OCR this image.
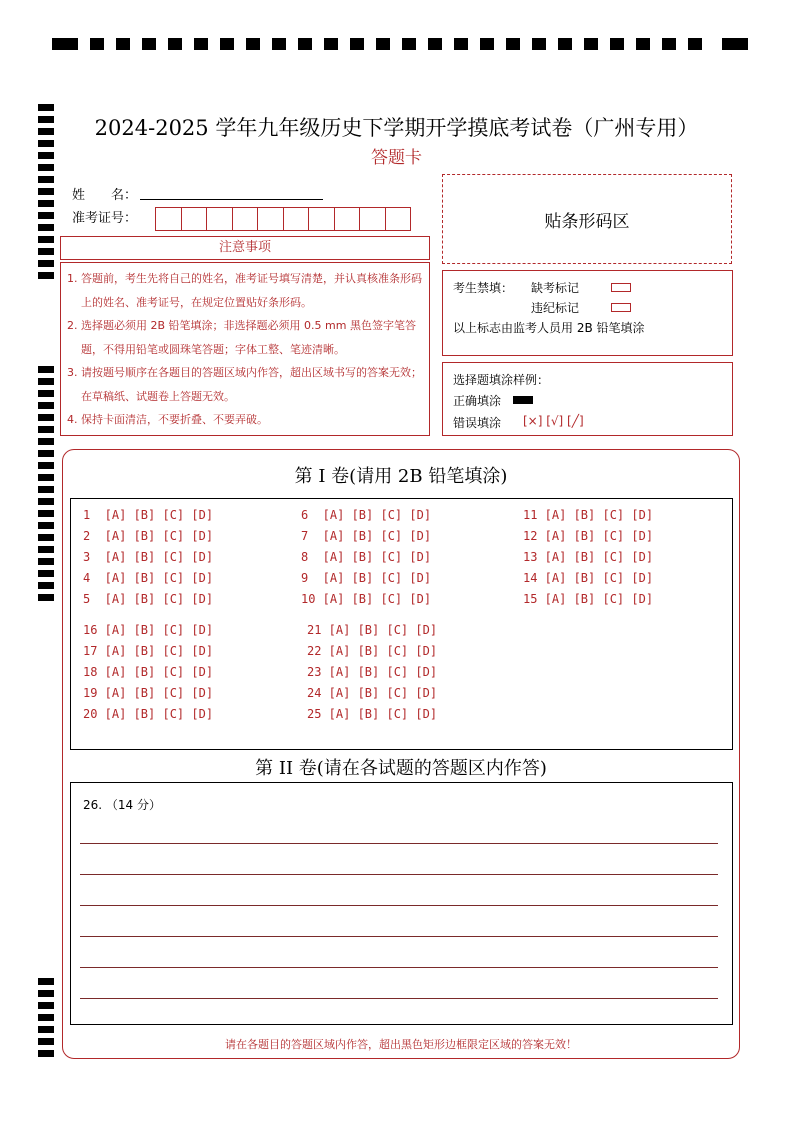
2024-2025 学年九年级历史下学期开学摸底考试卷（广州专用）
答题卡
姓　　名：
准考证号：	贴条形码区
注意事项

1. 答题前，考生先将自己的姓名，准考证号填写清楚，并认真核准条形码上的姓名、准考证号，在规定位置贴好条形码。

2. 选择题必须用 2B 铅笔填涂；非选择题必须用 0.5 mm 黑色签字笔答题，不得用铅笔或圆珠笔答题；字体工整、笔迹清晰。

3. 请按题号顺序在各题目的答题区域内作答，超出区域书写的答案无效；在草稿纸、试题卷上答题无效。

4. 保持卡面清洁，不要折叠、不要弄破。

考生禁填： 缺考标记
违纪标记
以上标志由监考人员用 2B 铅笔填涂
选择题填涂样例：
正确填涂
错误填涂 [×] [√] [╱]
第 I 卷(请用 2B 铅笔填涂)
1  [A] [B] [C] [D]
2  [A] [B] [C] [D]
3  [A] [B] [C] [D]
4  [A] [B] [C] [D]
5  [A] [B] [C] [D]
6  [A] [B] [C] [D]
7  [A] [B] [C] [D]
8  [A] [B] [C] [D]
9  [A] [B] [C] [D]
10 [A] [B] [C] [D]
11 [A] [B] [C] [D]
12 [A] [B] [C] [D]
13 [A] [B] [C] [D]
14 [A] [B] [C] [D]
15 [A] [B] [C] [D]
16 [A] [B] [C] [D]
17 [A] [B] [C] [D]
18 [A] [B] [C] [D]
19 [A] [B] [C] [D]
20 [A] [B] [C] [D]
21 [A] [B] [C] [D]
22 [A] [B] [C] [D]
23 [A] [B] [C] [D]
24 [A] [B] [C] [D]
25 [A] [B] [C] [D]
第 II 卷(请在各试题的答题区内作答)
26. （14 分）
请在各题目的答题区域内作答，超出黑色矩形边框限定区域的答案无效！
